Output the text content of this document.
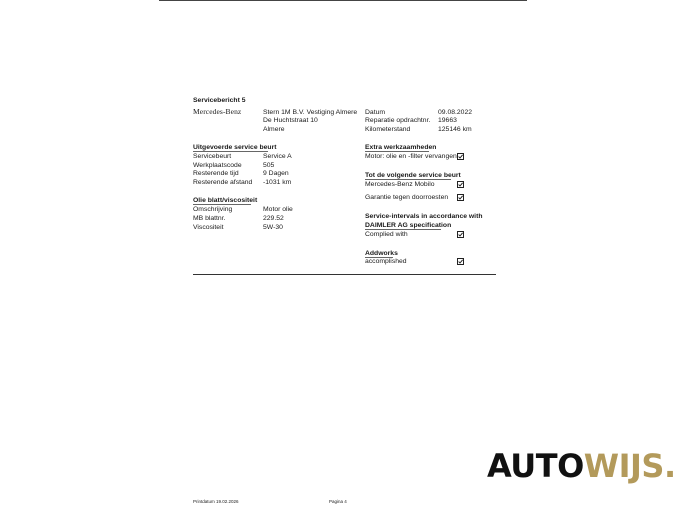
Servicebericht 5
Mercedes-Benz	Stern 1M B.V. Vestiging Almere
De Huchtstraat 10
Almere
Datum	09.08.2022
Reparatie opdrachtnr. 19663
Kilometerstand	125146 km
Uitgevoerde service beurt
Servicebeurt	Service A
Werkplaatscode	505
Resterende tijd	9 Dagen
Resterende afstand -1031 km
Olie blatt/viscositeit
Omschrijving	Motor olie
MB blattnr.	229.52
Viscositeit	5W-30
Extra werkzaamheden
Motor: olie en -filter vervangen
Tot de volgende service beurt
Mercedes-Benz Mobilo
Garantie tegen doorroesten
Service-intervals in accordance with
DAIMLER AG specification
Complied with
Addworks
accomplished
AUTOWIJS.
Printdatum 19.02.2026	Pagina 4
